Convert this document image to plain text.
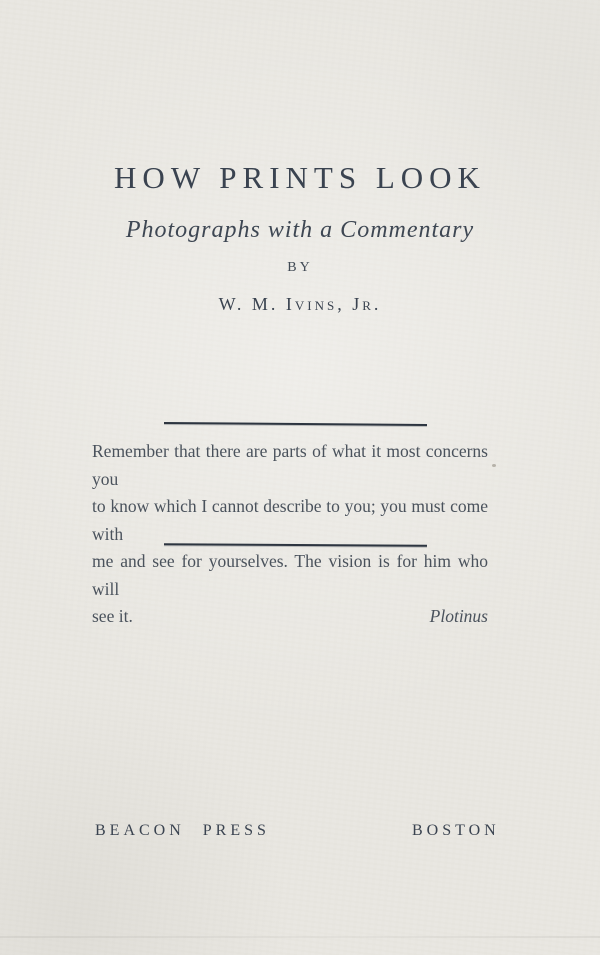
HOW PRINTS LOOK
Photographs with a Commentary
BY
W. M. Ivins, Jr.
Remember that there are parts of what it most concerns you
to know which I cannot describe to you; you must come with
me and see for yourselves. The vision is for him who will
see it.	Plotinus
BEACON PRESS	BOSTON
